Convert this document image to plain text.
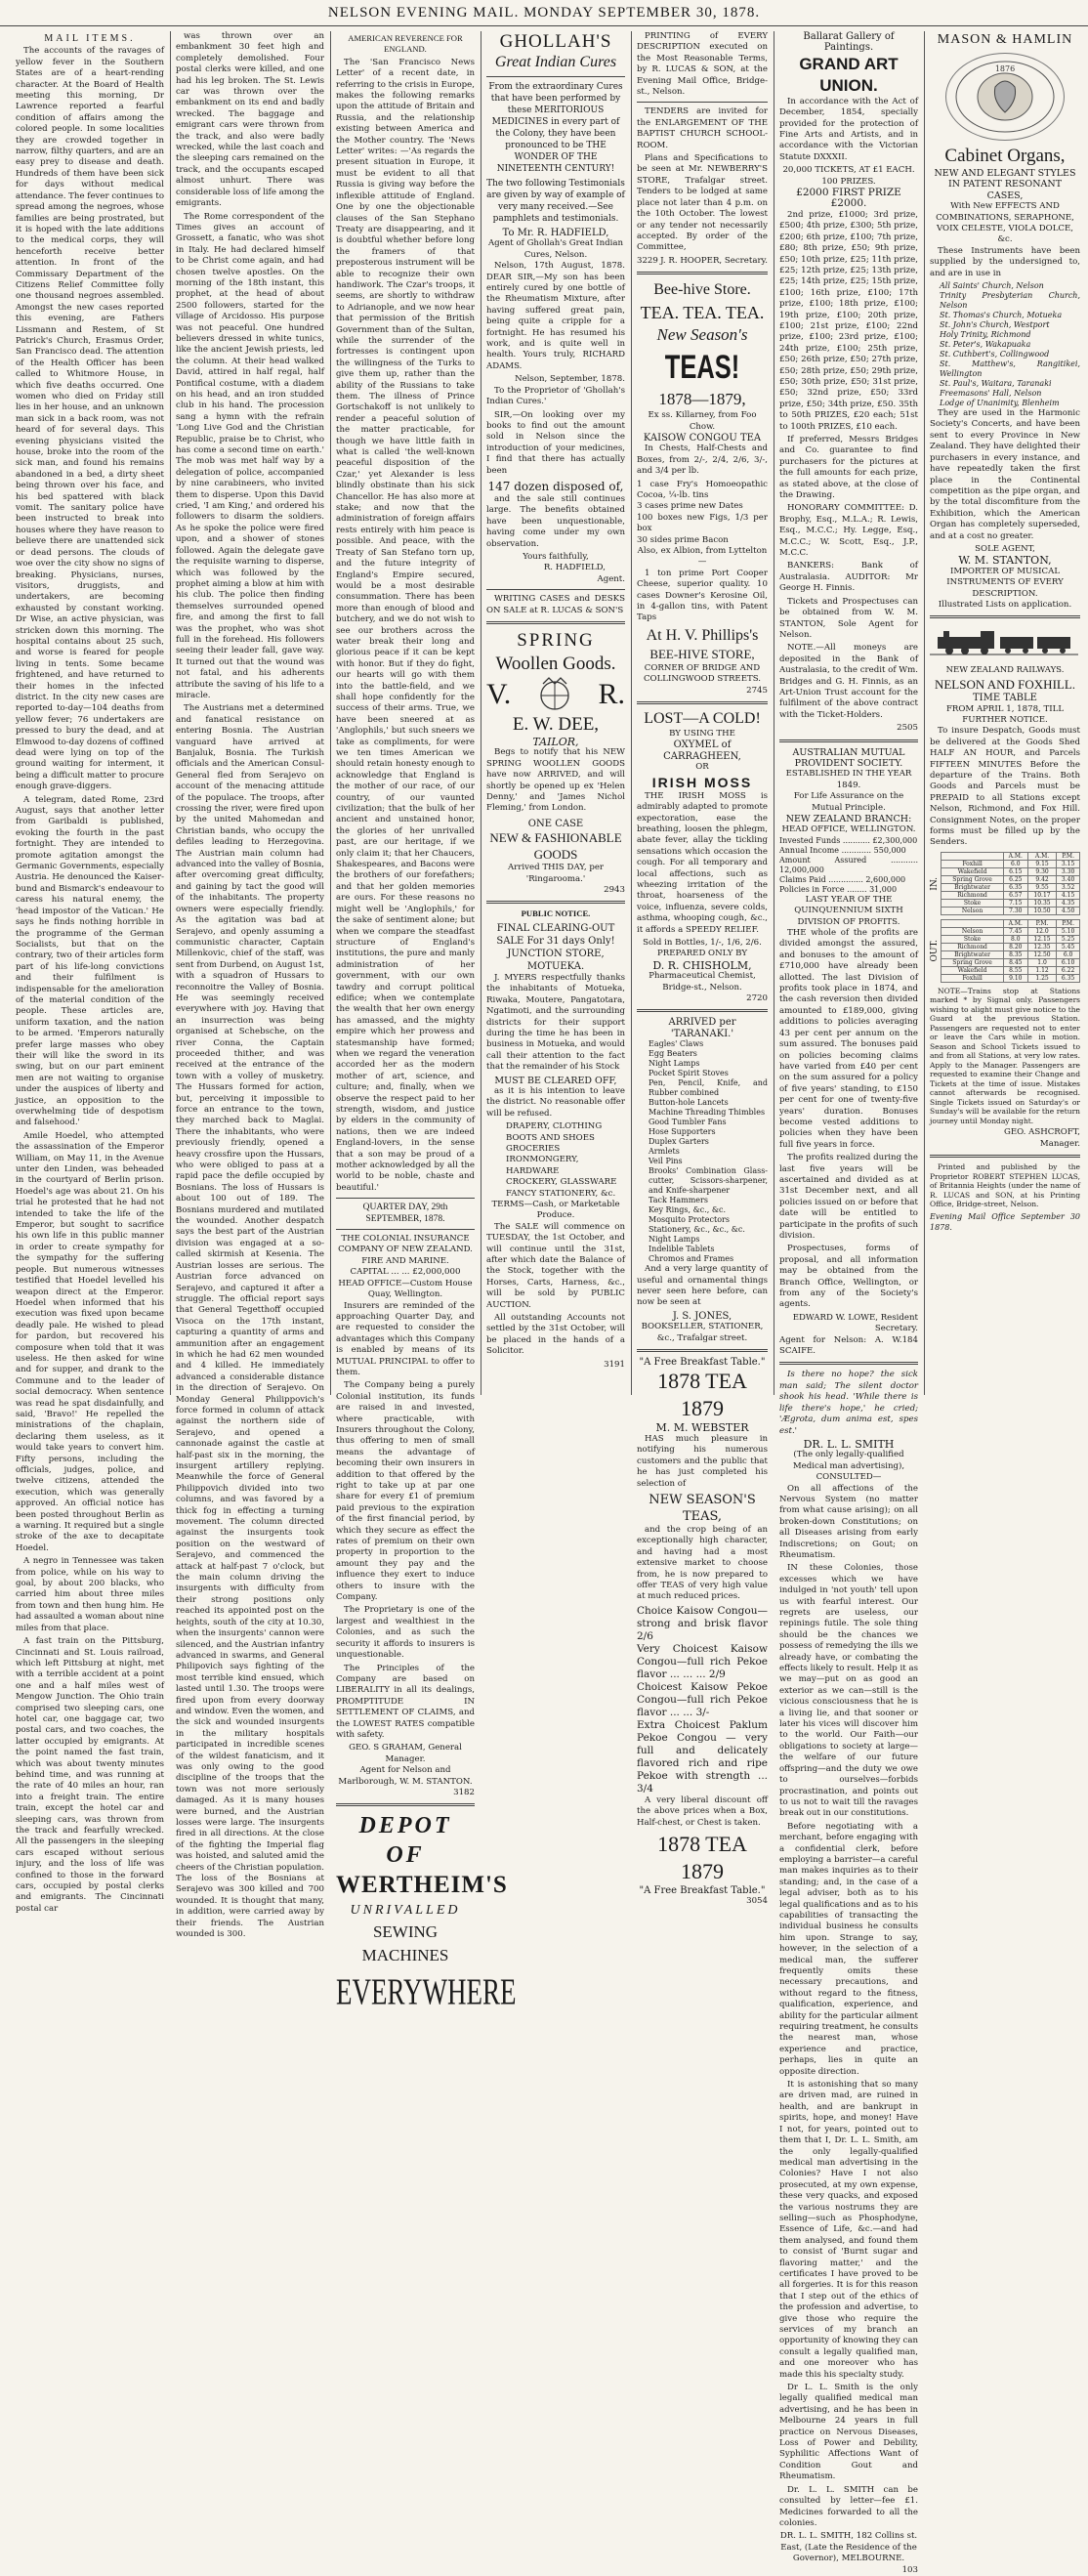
NELSON EVENING MAIL. MONDAY SEPTEMBER 30, 1878.
MAIL ITEMS.

The accounts of the ravages of yellow fever in the Southern States are of a heart-rending character. At the Board of Health meeting this morning, Dr Lawrence reported a fearful condition of affairs among the colored people. In some localities they are crowded together in narrow, filthy quarters, and are an easy prey to disease and death. Hundreds of them have been sick for days without medical attendance. The fever continues to spread among the negroes, whose families are being prostrated, but it is hoped with the late additions to the medical corps, they will henceforth receive better attention. In front of the Commissary Department of the Citizens Relief Committee folly one thousand negroes assembled. Amongst the new cases reported this evening, are Fathers Lissmann and Restem, of St Patrick's Church, Erasmus Order, San Francisco dead. The attention of the Health Officer has been called to Whitmore House, in which five deaths occurred. One women who died on Friday still lies in her house, and an unknown man sick in a back room, was not heard of for several days. This evening physicians visited the house, broke into the room of the sick man, and found his remains abandoned in a bed, a dirty sheet being thrown over his face, and his bed spattered with black vomit. The sanitary police have been instructed to break into houses where they have reason to believe there are unattended sick or dead persons. The clouds of woe over the city show no signs of breaking. Physicians, nurses, visitors, druggists, and undertakers, are becoming exhausted by constant working. Dr Wise, an active physician, was stricken down this morning. The hospital contains about 25 such, and worse is feared for people living in tents. Some became frightened, and have returned to their homes in the infected district. In the city new cases are reported to-day—104 deaths from yellow fever; 76 undertakers are pressed to bury the dead, and at Elmwood to-day dozens of coffined dead were lying on top of the ground waiting for interment, it being a difficult matter to procure enough grave-diggers.

A telegram, dated Rome, 23rd August, says that another letter from Garibaldi is published, evoking the fourth in the past fortnight. They are intended to promote agitation amongst the Germanic Governments, especially Austria. He denounced the Kaiser-bund and Bismarck's endeavour to caress his natural enemy, the 'head impostor of the Vatican.' He says he finds nothing horrible in the programme of the German Socialists, but that on the contrary, two of their articles form part of his life-long convictions and their fulfilment is indispensable for the amelioration of the material condition of the people. These articles are, uniform taxation, and the nation to be armed. 'Emperors naturally prefer large masses who obey their will like the sword in its swing, but on our part eminent men are not waiting to organise under the auspices of liberty and justice, an opposition to the overwhelming tide of despotism and falsehood.'

Amile Hoedel, who attempted the assassination of the Emperor William, on May 11, in the Avenue unter den Linden, was beheaded in the courtyard of Berlin prison. Hoedel's age was about 21. On his trial he protested that he had not intended to take the life of the Emperor, but sought to sacrifice his own life in this public manner in order to create sympathy for the sympathy for the suffering people. But numerous witnesses testified that Hoedel levelled his weapon direct at the Emperor. Hoedel when informed that his execution was fixed upon became deadly pale. He wished to plead for pardon, but recovered his composure when told that it was useless. He then asked for wine and for supper, and drank to the Commune and to the leader of social democracy. When sentence was read he spat disdainfully, and said, 'Bravo!' He repelled the ministrations of the chaplain, declaring them useless, as it would take years to convert him. Fifty persons, including the officials, judges, police, and twelve citizens, attended the execution, which was generally approved. An official notice has been posted throughout Berlin as a warning. It required but a single stroke of the axe to decapitate Hoedel.

A negro in Tennessee was taken from police, while on his way to goal, by about 200 blacks, who carried him about three miles from town and then hung him. He had assaulted a woman about nine miles from that place.

A fast train on the Pittsburg, Cincinnati and St. Louis railroad, which left Pittsburg at night, met with a terrible accident at a point one and a half miles west of Mengow Junction. The Ohio train comprised two sleeping cars, one hotel car, one baggage car, two postal cars, and two coaches, the latter occupied by emigrants. At the point named the fast train, which was about twenty minutes behind time, and was running at the rate of 40 miles an hour, ran into a freight train. The entire train, except the hotel car and sleeping cars, was thrown from the track and fearfully wrecked. All the passengers in the sleeping cars escaped without serious injury, and the loss of life was confined to those in the forward cars, occupied by postal clerks and emigrants. The Cincinnati postal car

was thrown over an embankment 30 feet high and completely demolished. Four postal clerks were killed, and one had his leg broken. The St. Lewis car was thrown over the embankment on its end and badly wrecked. The baggage and emigrant cars were thrown from the track, and also were badly wrecked, while the last coach and the sleeping cars remained on the track, and the occupants escaped almost unhurt. There was considerable loss of life among the emigrants.

The Rome correspondent of the Times gives an account of Grossett, a fanatic, who was shot in Italy. He had declared himself to be Christ come again, and had chosen twelve apostles. On the morning of the 18th instant, this prophet, at the head of about 2500 followers, started for the village of Arcidosso. His purpose was not peaceful. One hundred believers dressed in white tunics, like the ancient Jewish priests, led the column. At their head walked David, attired in half regal, half Pontifical costume, with a diadem on his head, and an iron studded club in his hand. The procession sang a hymn with the refrain 'Long Live God and the Christian Republic, praise be to Christ, who has come a second time on earth.' The mob was met half way by a delegation of police, accompanied by nine carabineers, who invited them to disperse. Upon this David cried, 'I am King,' and ordered his followers to disarm the soldiers. As he spoke the police were fired upon, and a shower of stones followed. Again the delegate gave the requisite warning to disperse, which was followed by the prophet aiming a blow at him with his club. The police then finding themselves surrounded opened fire, and among the first to fall was the prophet, who was shot full in the forehead. His followers seeing their leader fall, gave way. It turned out that the wound was not fatal, and his adherents attribute the saving of his life to a miracle.

The Austrians met a determined and fanatical resistance on entering Bosnia. The Austrian vanguard have arrived at Banjaluk, Bosnia. The Turkish officials and the American Consul-General fled from Serajevo on account of the menacing attitude of the populace. The troops, after crossing the river, were fired upon by the united Mahomedan and Christian bands, who occupy the defiles leading to Herzegovina. The Austrian main column had advanced into the valley of Bosnia, after overcoming great difficulty, and gaining by tact the good will of the inhabitants. The property owners were especially friendly. As the agitation was bad at Serajevo, and openly assuming a communistic character, Captain Millenkovic, chief of the staff, was sent from Durbend, on August 1st, with a squadron of Hussars to reconnoitre the Valley of Bosnia. He was seemingly received everywhere with joy. Having that an insurrection was being organised at Schebsche, on the river Conna, the Captain proceeded thither, and was received at the entrance of the town with a volley of musketry. The Hussars formed for action, but, perceiving it impossible to force an entrance to the town, they marched back to Maglai. There the inhabitants, who were previously friendly, opened a heavy crossfire upon the Hussars, who were obliged to pass at a rapid pace the defile occupied by Bosnians. The loss of Hussars is about 100 out of 189. The Bosnians murdered and mutilated the wounded. Another despatch says the best part of the Austrian division was engaged at a so-called skirmish at Kesenia. The Austrian losses are serious. The Austrian force advanced on Serajevo, and captured it after a struggle. The official report says that General Tegetthoff occupied Visoca on the 17th instant, capturing a quantity of arms and ammunition after an engagement in which he had 62 men wounded and 4 killed. He immediately advanced a considerable distance in the direction of Serajevo. On Monday General Philippovich's force formed in column of attack against the northern side of Serajevo, and opened a cannonade against the castle at half-past six in the morning, the insurgent artillery replying. Meanwhile the force of General Philippovich divided into two columns, and was favored by a thick fog in effecting a turning movement. The column directed against the insurgents took position on the westward of Serajevo, and commenced the attack at half-past 7 o'clock, but the main column driving the insurgents with difficulty from their strong positions only reached its appointed post on the heights, south of the city at 10.30, when the insurgents' cannon were silenced, and the Austrian infantry advanced in swarms, and General Philipovich says fighting of the most terrible kind ensued, which lasted until 1.30. The troops were fired upon from every doorway and window. Even the women, and the sick and wounded insurgents in the military hospitals participated in incredible scenes of the wildest fanaticism, and it was only owing to the good discipline of the troops that the town was not more seriously damaged. As it is many houses were burned, and the Austrian losses were large. The insurgents fired in all directions. At the close of the fighting the Imperial flag was hoisted, and saluted amid the cheers of the Christian population. The loss of the Bosnians at Serajevo was 300 killed and 700 wounded. It is thought that many, in addition, were carried away by their friends. The Austrian wounded is 300.

AMERICAN REVERENCE FOR ENGLAND.

The 'San Francisco News Letter' of a recent date, in referring to the crisis in Europe, makes the following remarks upon the attitude of Britain and Russia, and the relationship existing between America and the Mother country. The 'News Letter' writes: —'As regards the present situation in Europe, it must be evident to all that Russia is giving way before the inflexible attitude of England. One by one the objectionable clauses of the San Stephano Treaty are disappearing, and it is doubtful whether before long the framers of that preposterous instrument will be able to recognize their own handiwork. The Czar's troops, it seems, are shortly to withdraw to Adrianople, and we now hear that permission of the British Government than of the Sultan, while the surrender of the fortresses is contingent upon the willingness of the Turks to give them up, rather than the ability of the Russians to take them. The illness of Prince Gortschakoff is not unlikely to render a peaceful solution of the matter practicable, for though we have little faith in what is called 'the well-known peaceful disposition of the Czar,' yet Alexander is less blindly obstinate than his sick Chancellor. He has also more at stake; and now that the administration of foreign affairs rests entirely with him peace is possible. And peace, with the Treaty of San Stefano torn up, and the future integrity of England's Empire secured, would be a most desirable consummation. There has been more than enough of blood and butchery, and we do not wish to see our brothers across the water break their long and glorious peace if it can be kept with honor. But if they do fight, our hearts will go with them into the battle-field, and we shall hope confidently for the success of their arms. True, we have been sneered at as 'Anglophils,' but such sneers we take as compliments, for were we ten times American we should retain honesty enough to acknowledge that England is the mother of our race, of our country, of our vaunted civilization; that the bulk of her ancient and unstained honor, the glories of her unrivalled past, are our heritage, if we only claim it; that her Chaucers, Shakespeares, and Bacons were the brothers of our forefathers; and that her golden memories are ours. For these reasons no might well be 'Anglophils,' for the sake of sentiment alone; but when we compare the steadfast structure of England's institutions, the pure and manly administration of her government, with our own tawdry and corrupt political edifice; when we contemplate the wealth that her own energy has amassed, and the mighty empire which her prowess and statesmanship have formed; when we regard the veneration accorded her as the modern mother of art, science, and culture; and, finally, when we observe the respect paid to her strength, wisdom, and justice by elders in the community of nations, then we are indeed England-lovers, in the sense that a son may be proud of a mother acknowledged by all the world to be noble, chaste and beautiful.'

QUARTER DAY, 29th SEPTEMBER, 1878.
THE COLONIAL INSURANCE COMPANY OF NEW ZEALAND.
FIRE AND MARINE.
CAPITAL ... ... £2,000,000
HEAD OFFICE—Custom House Quay, Wellington.

Insurers are reminded of the approaching Quarter Day, and are requested to consider the advantages which this Company is enabled by means of its MUTUAL PRINCIPAL to offer to them.

The Company being a purely Colonial institution, its funds are raised in and invested, where practicable, with Insurers throughout the Colony, thus offering to men of small means the advantage of becoming their own insurers in addition to that offered by the right to take up at par one share for every £1 of premium paid previous to the expiration of the first financial period, by which they secure as effect the rates of premium on their own property in proportion to the amount they pay and the influence they exert to induce others to insure with the Company.

The Proprietary is one of the largest and wealthiest in the Colonies, and as such the security it affords to insurers is unquestionable.

The Principles of the Company are based on LIBERALITY in all its dealings, PROMPTITUDE IN SETTLEMENT OF CLAIMS, and the LOWEST RATES compatible with safety.

GEO. S GRAHAM, General Manager.
Agent for Nelson and Marlborough, W. M. STANTON.
3182
DEPOT OF
WERTHEIM'S
UNRIVALLED
SEWING MACHINES
EVERYWHERE
GHOLLAH'S
Great Indian Cures
From the extraordinary Cures that have been performed by these MERITORIOUS MEDICINES in every part of the Colony, they have been pronounced to be THE WONDER OF THE NINETEENTH CENTURY!
The two following Testimonials are given by way of example of very many received.—See pamphlets and testimonials.
To Mr. R. HADFIELD,
Agent of Ghollah's Great Indian Cures, Nelson.

Nelson, 17th August, 1878. DEAR SIR,—My son has been entirely cured by one bottle of the Rheumatism Mixture, after having suffered great pain, being quite a cripple for a fortnight. He has resumed his work, and is quite well in health. Yours truly, RICHARD ADAMS.

Nelson, September, 1878.

To the Proprietor of 'Ghollah's Indian Cures.'

SIR,—On looking over my books to find out the amount sold in Nelson since the introduction of your medicines, I find that there has actually been

147 dozen disposed of,

and the sale still continues large. The benefits obtained have been unquestionable, having come under my own observation.

Yours faithfully,
R. HADFIELD,
Agent.

WRITING CASES and DESKS ON SALE at R. LUCAS & SON'S

SPRING
Woollen Goods.
V.	R.
E. W. DEE,
TAILOR,

Begs to notify that his NEW SPRING WOOLLEN GOODS have now ARRIVED, and will shortly be opened up ex 'Helen Denny,' and 'James Nichol Fleming,' from London.

ONE CASE
NEW & FASHIONABLE GOODS
Arrived THIS DAY, per 'Ringarooma.'
2943
PUBLIC NOTICE.
FINAL CLEARING-OUT SALE For 31 days Only! JUNCTION STORE, MOTUEKA.

J. MYERS respectfully thanks the inhabitants of Motueka, Riwaka, Moutere, Pangatotara, Ngatimoti, and the surrounding districts for their support during the time he has been in business in Motueka, and would call their attention to the fact that the remainder of his Stock

MUST BE CLEARED OFF,

as it is his intention to leave the district. No reasonable offer will be refused.

DRAPERY, CLOTHING
BOOTS AND SHOES
GROCERIES
IRONMONGERY, HARDWARE
CROCKERY, GLASSWARE
FANCY STATIONERY, &c.
TERMS—Cash, or Marketable Produce.

The SALE will commence on TUESDAY, the 1st October, and will continue until the 31st, after which date the Balance of the Stock, together with the Horses, Carts, Harness, &c., will be sold by PUBLIC AUCTION.

All outstanding Accounts not settled by the 31st October, will be placed in the hands of a Solicitor.

3191

PRINTING of EVERY DESCRIPTION executed on the Most Reasonable Terms, by R. LUCAS & SON, at the Evening Mail Office, Bridge-st., Nelson.

TENDERS are invited for the ENLARGEMENT OF THE BAPTIST CHURCH SCHOOL-ROOM.

Plans and Specifications to be seen at Mr. NEWBERRY'S STORE, Trafalgar street. Tenders to be lodged at same place not later than 4 p.m. on the 10th October. The lowest or any tender not necessarily accepted. By order of the Committee,

3229 J. R. HOOPER, Secretary.
Bee-hive Store.
TEA. TEA. TEA.
New Season's
TEAS!
1878—1879,
Ex ss. Killarney, from Foo Chow.
KAISOW CONGOU TEA

In Chests, Half-Chests and Boxes, from 2/-, 2/4, 2/6, 3/-, and 3/4 per lb.

1 case Fry's Homoeopathic Cocoa, ¼-lb. tins
3 cases prime new Dates
100 boxes new Figs, 1/3 per box
30 sides prime Bacon
Also, ex Albion, from Lyttelton—

1 ton prime Port Cooper Cheese, superior quality. 10 cases Downer's Kerosine Oil, in 4-gallon tins, with Patent Taps

At H. V. Phillips's
BEE-HIVE STORE,
CORNER OF BRIDGE AND COLLINGWOOD STREETS.
2745
LOST—A COLD!
BY USING THE
OXYMEL of CARRAGHEEN,
OR
IRISH MOSS

THE IRISH MOSS is admirably adapted to promote expectoration, ease the breathing, loosen the phlegm, abate fever, allay the tickling sensations which occasion the cough. For all temporary and local affections, such as wheezing irritation of the throat, hoarseness of the voice, influenza, severe colds, asthma, whooping cough, &c., it affords a SPEEDY RELIEF.

Sold in Bottles, 1/-, 1/6, 2/6.
PREPARED ONLY BY
D. R. CHISHOLM,
Pharmaceutical Chemist, Bridge-st., Nelson.
2720
ARRIVED per 'TARANAKI.'
Eagles' Claws
Egg Beaters
Night Lamps
Pocket Spirit Stoves
Pen, Pencil, Knife, and Rubber combined
Button-hole Lancets
Machine Threading Thimbles
Good Tumbler Fans
Hose Supporters
Duplex Garters
Armlets
Veil Pins
Brooks' Combination Glass-cutter, Scissors-sharpener, and Knife-sharpener
Tack Hammers
Key Rings, &c., &c.
Mosquito Protectors
Stationery, &c., &c., &c.
Night Lamps
Indelible Tablets
Chromos and Frames

And a very large quantity of useful and ornamental things never seen here before, can now be seen at

J. S. JONES,
BOOKSELLER, STATIONER, &c., Trafalgar street.
"A Free Breakfast Table."
1878 TEA 1879
M. M. WEBSTER

HAS much pleasure in notifying his numerous customers and the public that he has just completed his selection of

NEW SEASON'S TEAS,

and the crop being of an exceptionally high character, and having had a most extensive market to choose from, he is now prepared to offer TEAS of very high value at much reduced prices.

Choice Kaisow Congou—strong and brisk flavor 2/6
Very Choicest Kaisow Congou—full rich Pekoe flavor ... ... ... 2/9
Choicest Kaisow Pekoe Congou—full rich Pekoe flavor ... ... 3/-
Extra Choicest Paklum Pekoe Congou — very full and delicately flavored rich and ripe Pekoe with strength ... 3/4

A very liberal discount off the above prices when a Box, Half-chest, or Chest is taken.

1878 TEA 1879
"A Free Breakfast Table."
3054
Ballarat Gallery of Paintings.
GRAND ART UNION.

In accordance with the Act of December, 1854, specially provided for the protection of Fine Arts and Artists, and in accordance with the Victorian Statute DXXXII.

20,000 TICKETS, AT £1 EACH. 100 PRIZES.
£2000 FIRST PRIZE £2000.

2nd prize, £1000; 3rd prize, £500; 4th prize, £300; 5th prize, £200; 6th prize, £100; 7th prize, £80; 8th prize, £50; 9th prize, £50; 10th prize, £25; 11th prize, £25; 12th prize, £25; 13th prize, £25; 14th prize, £25; 15th prize, £100; 16th prize, £100; 17th prize, £100; 18th prize, £100; 19th prize, £100; 20th prize, £100; 21st prize, £100; 22nd prize, £100; 23rd prize, £100; 24th prize, £100; 25th prize, £50; 26th prize, £50; 27th prize, £50; 28th prize, £50; 29th prize, £50; 30th prize, £50; 31st prize, £50; 32nd prize, £50; 33rd prize, £50; 34th prize, £50. 35th to 50th PRIZES, £20 each; 51st to 100th PRIZES, £10 each.

If preferred, Messrs Bridges and Co. guarantee to find purchasers for the pictures at the full amounts for each prize, as stated above, at the close of the Drawing.

HONORARY COMMITTEE: D. Brophy, Esq., M.L.A.; R. Lewis, Esq., M.C.C.; Hy. Legge, Esq., M.C.C.; W. Scott, Esq., J.P., M.C.C.

BANKERS: Bank of Australasia. AUDITOR: Mr George H. Finnis.

Tickets and Prospectuses can be obtained from W. M. STANTON, Sole Agent for Nelson.

NOTE.—All moneys are deposited in the Bank of Australasia, to the credit of Wm. Bridges and G. H. Finnis, as an Art-Union Trust account for the fulfilment of the above contract with the Ticket-Holders.

2505
AUSTRALIAN MUTUAL PROVIDENT SOCIETY.
ESTABLISHED IN THE YEAR 1849.
For Life Assurance on the Mutual Principle.
NEW ZEALAND BRANCH:
HEAD OFFICE, WELLINGTON.
Invested Funds ........... £2,300,000
Annual Income ............ 550,000
Amount Assured ........... 12,000,000
Claims Paid .............. 2,600,000
Policies in Force ........ 31,000
LAST YEAR OF THE QUINQUENNIUM SIXTH DIVISION OF PROFITS.

THE whole of the profits are divided amongst the assured, and bonuses to the amount of £710,000 have already been allotted. The last Division of profits took place in 1874, and the cash reversion then divided amounted to £189,000, giving additions to policies averaging 43 per cent per annum on the sum assured. The bonuses paid on policies becoming claims have varied from £40 per cent on the sum assured for a policy of five years' standing, to £150 per cent for one of twenty-five years' duration. Bonuses become vested additions to policies when they have been full five years in force.

The profits realized during the last five years will be ascertained and divided as at 31st December next, and all policies issued on or before that date will be entitled to participate in the profits of such division.

Prospectuses, forms of proposal, and all information may be obtained from the Branch Office, Wellington, or from any of the Society's agents.

EDWARD W. LOWE, Resident Secretary.
Agent for Nelson: A. W. SCAIFE.
184

Is there no hope? the sick man said; The silent doctor shook his head. 'While there is life there's hope,' he cried; 'Ægrota, dum anima est, spes est.'

DR. L. L. SMITH
(The only legally-qualified Medical man advertising),
CONSULTED—

On all affections of the Nervous System (no matter from what cause arising); on all broken-down Constitutions; on all Diseases arising from early Indiscretions; on Gout; on Rheumatism.

IN these Colonies, those excesses which we have indulged in 'not youth' tell upon us with fearful interest. Our regrets are useless, our repinings futile. The sole thing should be the chances we possess of remedying the ills we already have, or combating the effects likely to result. Help it as we may—put on as good an exterior as we can—still is the vicious consciousness that he is a living lie, and that sooner or later his vices will discover him to the world. Our Faith—our obligations to society at large—the welfare of our future offspring—and the duty we owe to ourselves—forbids procrastination, and points out to us not to wait till the ravages break out in our constitutions.

Before negotiating with a merchant, before engaging with a confidential clerk, before employing a barrister—a careful man makes inquiries as to their standing; and, in the case of a legal adviser, both as to his legal qualifications and as to his capabilities of transacting the individual business he consults him upon. Strange to say, however, in the selection of a medical man, the sufferer frequently omits these necessary precautions, and without regard to the fitness, qualification, experience, and ability for the particular ailment requiring treatment, he consults the nearest man, whose experience and practice, perhaps, lies in quite an opposite direction.

It is astonishing that so many are driven mad, are ruined in health, and are bankrupt in spirits, hope, and money! Have I not, for years, pointed out to them that I, Dr. L. L. Smith, am the only legally-qualified medical man advertising in the Colonies? Have I not also prosecuted, at my own expense, these very quacks, and exposed the various nostrums they are selling—such as Phosphodyne, Essence of Life, &c.—and had them analysed, and found them to consist of 'Burnt sugar and flavoring matter,' and the certificates I have proved to be all forgeries. It is for this reason that I step out of the ethics of the profession and advertise, to give those who require the services of my branch an opportunity of knowing they can consult a legally qualified man, and one moreover who has made this his specialty study.

Dr L. L. Smith is the only legally qualified medical man advertising, and he has been in Melbourne 24 years in full practice on Nervous Diseases, Loss of Power and Debility, Syphilitic Affections Want of Condition Gout and Rheumatism.

Dr. L. L. SMITH can be consulted by letter—fee £1. Medicines forwarded to all the colonies.

DR. L. L. SMITH, 182 Collins st. East, (Late the Residence of the Governor), MELBOURNE.
103
MASON & HAMLIN
1876
Cabinet Organs,
NEW AND ELEGANT STYLES IN PATENT RESONANT CASES,
With New EFFECTS AND COMBINATIONS, SERAPHONE, VOIX CELESTE, VIOLA DOLCE, &c.

These Instruments have been supplied by the undersigned to, and are in use in

All Saints' Church, Nelson
Trinity Presbyterian Church, Nelson
St. Thomas's Church, Motueka
St. John's Church, Westport
Holy Trinity, Richmond
St. Peter's, Wakapuaka
St. Cuthbert's, Collingwood
St. Matthew's, Rangitikei, Wellington
St. Paul's, Waitara, Taranaki
Freemasons' Hall, Nelson
Lodge of Unanimity, Blenheim

They are used in the Harmonic Society's Concerts, and have been sent to every Province in New Zealand. They have delighted their purchasers in every instance, and have repeatedly taken the first place in the Continental competition as the pipe organ, and by the total discomfiture from the Exhibition, which the American Organ has completely superseded, and at a cost no greater.

SOLE AGENT,
W. M. STANTON,
IMPORTER OF MUSICAL INSTRUMENTS OF EVERY DESCRIPTION.
Illustrated Lists on application.
NEW ZEALAND RAILWAYS.
NELSON AND FOXHILL.
TIME TABLE
FROM APRIL 1, 1878, TILL FURTHER NOTICE.

To insure Despatch, Goods must be delivered at the Goods Shed HALF AN HOUR, and Parcels FIFTEEN MINUTES Before the departure of the Trains. Both Goods and Parcels must be PREPAID to all Stations except Nelson, Richmond, and Fox Hill. Consignment Notes, on the proper forms must be filled up by the Senders.

IN.
	A.M.	A.M.	P.M.
Foxhill	6.0	9.15	3.15
Wakefield	6.15	9.30	3.30
Spring Grove	6.25	9.42	3.40
Brightwater	6.35	9.55	3.52
Richmond	6.57	10.17	4.15
Stoke	7.15	10.35	4.35
Nelson	7.30	10.50	4.50
OUT.
	A.M.	P.M.	P.M.
Nelson	7.45	12.0	5.10
Stoke	8.0	12.15	5.25
Richmond	8.20	12.35	5.45
Brightwater	8.35	12.50	6.0
Spring Grove	8.45	1.0	6.10
Wakefield	8.55	1.12	6.22
Foxhill	9.10	1.25	6.35

NOTE—Trains stop at Stations marked * by Signal only. Passengers wishing to alight must give notice to the Guard at the previous Station. Passengers are requested not to enter or leave the Cars while in motion. Season and School Tickets issued to and from all Stations, at very low rates. Apply to the Manager. Passengers are requested to examine their Change and Tickets at the time of issue. Mistakes cannot afterwards be recognised. Single Tickets issued on Saturday's or Sunday's will be available for the return journey until Monday night.

GEO. ASHCROFT,
Manager.

Printed and published by the Proprietor ROBERT STEPHEN LUCAS, of Britannia Heights (under the name of R. LUCAS and SON, at his Printing Office, Bridge-street, Nelson.

Evening Mail Office September 30 1878.
